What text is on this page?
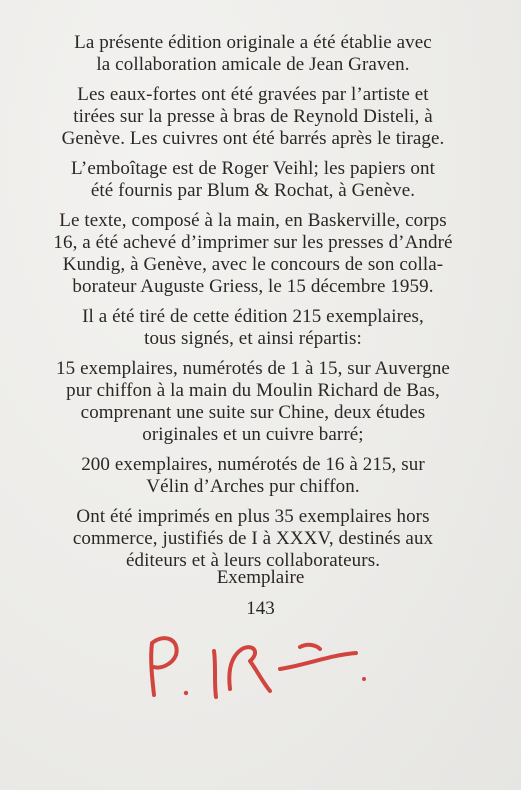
La présente édition originale a été établie avec
la collaboration amicale de Jean Graven.

Les eaux-fortes ont été gravées par l’artiste et
tirées sur la presse à bras de Reynold Disteli, à
Genève. Les cuivres ont été barrés après le tirage.

L’emboîtage est de Roger Veihl; les papiers ont
été fournis par Blum & Rochat, à Genève.

Le texte, composé à la main, en Baskerville, corps
16, a été achevé d’imprimer sur les presses d’André
Kundig, à Genève, avec le concours de son colla-
borateur Auguste Griess, le 15 décembre 1959.

Il a été tiré de cette édition 215 exemplaires,
tous signés, et ainsi répartis:

15 exemplaires, numérotés de 1 à 15, sur Auvergne
pur chiffon à la main du Moulin Richard de Bas,
comprenant une suite sur Chine, deux études
originales et un cuivre barré;

200 exemplaires, numérotés de 16 à 215, sur
Vélin d’Arches pur chiffon.

Ont été imprimés en plus 35 exemplaires hors
commerce, justifiés de I à XXXV, destinés aux
éditeurs et à leurs collaborateurs.

Exemplaire
143
